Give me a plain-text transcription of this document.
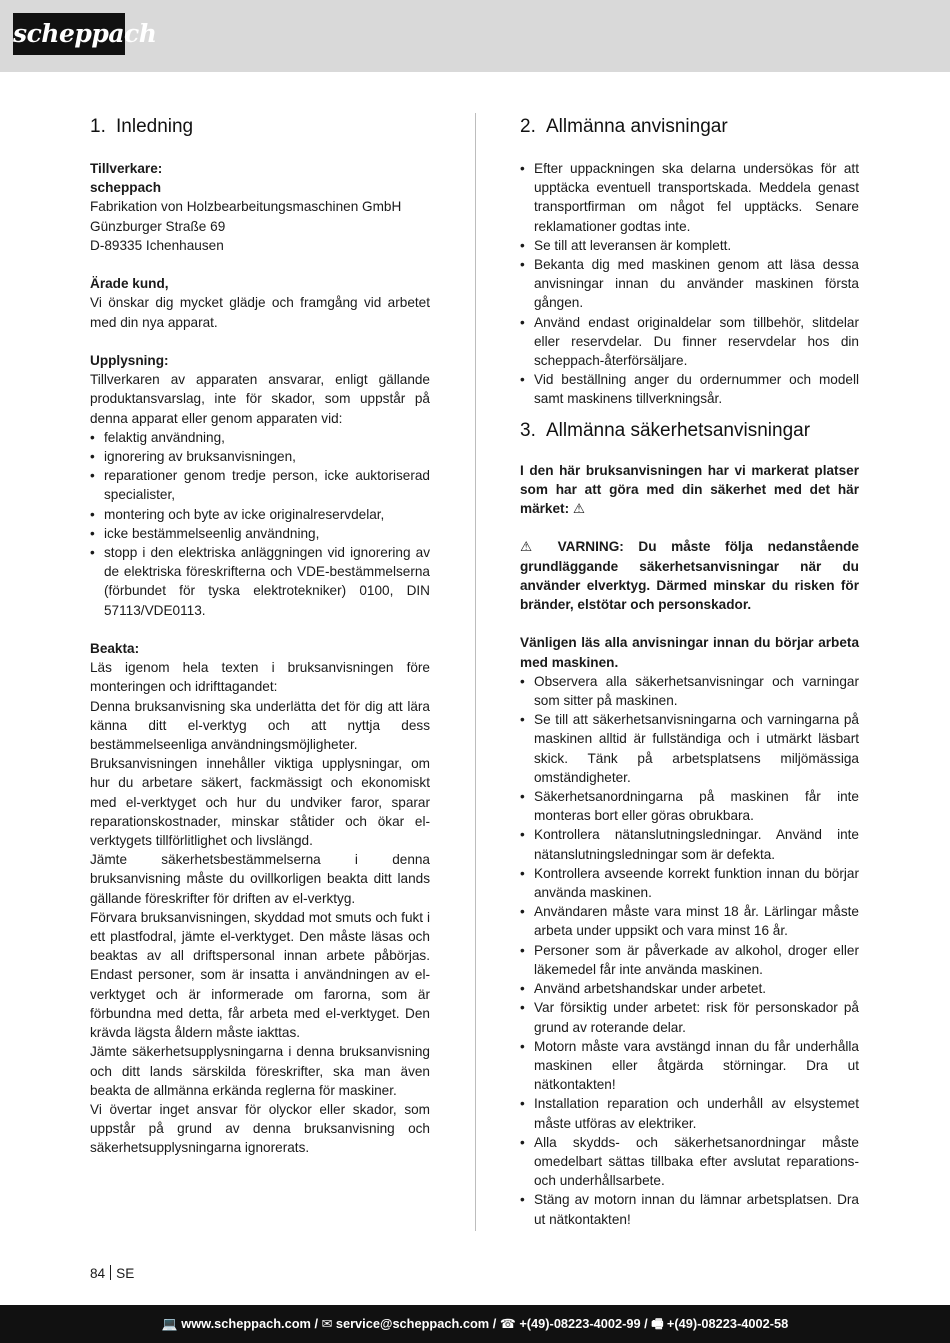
scheppach
1. Inledning

Tillverkare:

scheppach

Fabrikation von Holzbearbeitungsmaschinen GmbH

Günzburger Straße 69

D-89335 Ichenhausen

Ärade kund,

Vi önskar dig mycket glädje och framgång vid arbetet med din nya apparat.

Upplysning:

Tillverkaren av apparaten ansvarar, enligt gällande produktansvarslag, inte för skador, som uppstår på denna apparat eller genom apparaten vid:

• felaktig användning,
• ignorering av bruksanvisningen,
• reparationer genom tredje person, icke auktoriserad specialister,
• montering och byte av icke originalreservdelar,
• icke bestämmelseenlig användning,
• stopp i den elektriska anläggningen vid ignorering av de elektriska föreskrifterna och VDE-bestämmelserna (förbundet för tyska elektrotekniker) 0100, DIN 57113/VDE0113.

Beakta:

Läs igenom hela texten i bruksanvisningen före monteringen och idrifttagandet:

Denna bruksanvisning ska underlätta det för dig att lära känna ditt el-verktyg och att nyttja dess bestämmelseenliga användningsmöjligheter.

Bruksanvisningen innehåller viktiga upplysningar, om hur du arbetare säkert, fackmässigt och ekonomiskt med el-verktyget och hur du undviker faror, sparar reparationskostnader, minskar ståtider och ökar el-verktygets tillförlitlighet och livslängd.

Jämte säkerhetsbestämmelserna i denna bruksanvisning måste du ovillkorligen beakta ditt lands gällande föreskrifter för driften av el-verktyg.

Förvara bruksanvisningen, skyddad mot smuts och fukt i ett plastfodral, jämte el-verktyget. Den måste läsas och beaktas av all driftspersonal innan arbete påbörjas. Endast personer, som är insatta i användningen av el-verktyget och är informerade om farorna, som är förbundna med detta, får arbeta med el-verktyget. Den krävda lägsta åldern måste iakttas.

Jämte säkerhetsupplysningarna i denna bruksanvisning och ditt lands särskilda föreskrifter, ska man även beakta de allmänna erkända reglerna för maskiner.

Vi övertar inget ansvar för olyckor eller skador, som uppstår på grund av denna bruksanvisning och säkerhetsupplysningarna ignorerats.

2. Allmänna anvisningar
• Efter uppackningen ska delarna undersökas för att upptäcka eventuell transportskada. Meddela genast transportfirman om något fel upptäcks. Senare reklamationer godtas inte.
• Se till att leveransen är komplett.
• Bekanta dig med maskinen genom att läsa dessa anvisningar innan du använder maskinen första gången.
• Använd endast originaldelar som tillbehör, slitdelar eller reservdelar. Du finner reservdelar hos din scheppach-återförsäljare.
• Vid beställning anger du ordernummer och modell samt maskinens tillverkningsår.
3. Allmänna säkerhetsanvisningar

I den här bruksanvisningen har vi markerat platser som har att göra med din säkerhet med det här märket: ⚠

⚠ VARNING: Du måste följa nedanstående grundläggande säkerhetsanvisningar när du använder elverktyg. Därmed minskar du risken för bränder, elstötar och personskador.

Vänligen läs alla anvisningar innan du börjar arbeta med maskinen.

• Observera alla säkerhetsanvisningar och varningar som sitter på maskinen.
• Se till att säkerhetsanvisningarna och varningarna på maskinen alltid är fullständiga och i utmärkt läsbart skick. Tänk på arbetsplatsens miljömässiga omständigheter.
• Säkerhetsanordningarna på maskinen får inte monteras bort eller göras obrukbara.
• Kontrollera nätanslutningsledningar. Använd inte nätanslutningsledningar som är defekta.
• Kontrollera avseende korrekt funktion innan du börjar använda maskinen.
• Användaren måste vara minst 18 år. Lärlingar måste arbeta under uppsikt och vara minst 16 år.
• Personer som är påverkade av alkohol, droger eller läkemedel får inte använda maskinen.
• Använd arbetshandskar under arbetet.
• Var försiktig under arbetet: risk för personskador på grund av roterande delar.
• Motorn måste vara avstängd innan du får underhålla maskinen eller åtgärda störningar. Dra ut nätkontakten!
• Installation reparation och underhåll av elsystemet måste utföras av elektriker.
• Alla skydds- och säkerhetsanordningar måste omedelbart sättas tillbaka efter avslutat reparations- och underhållsarbete.
• Stäng av motorn innan du lämnar arbetsplatsen. Dra ut nätkontakten!
84 SE
💻 www.scheppach.com / ✉ service@scheppach.com / ☎ +(49)-08223-4002-99 / 🖷 +(49)-08223-4002-58
